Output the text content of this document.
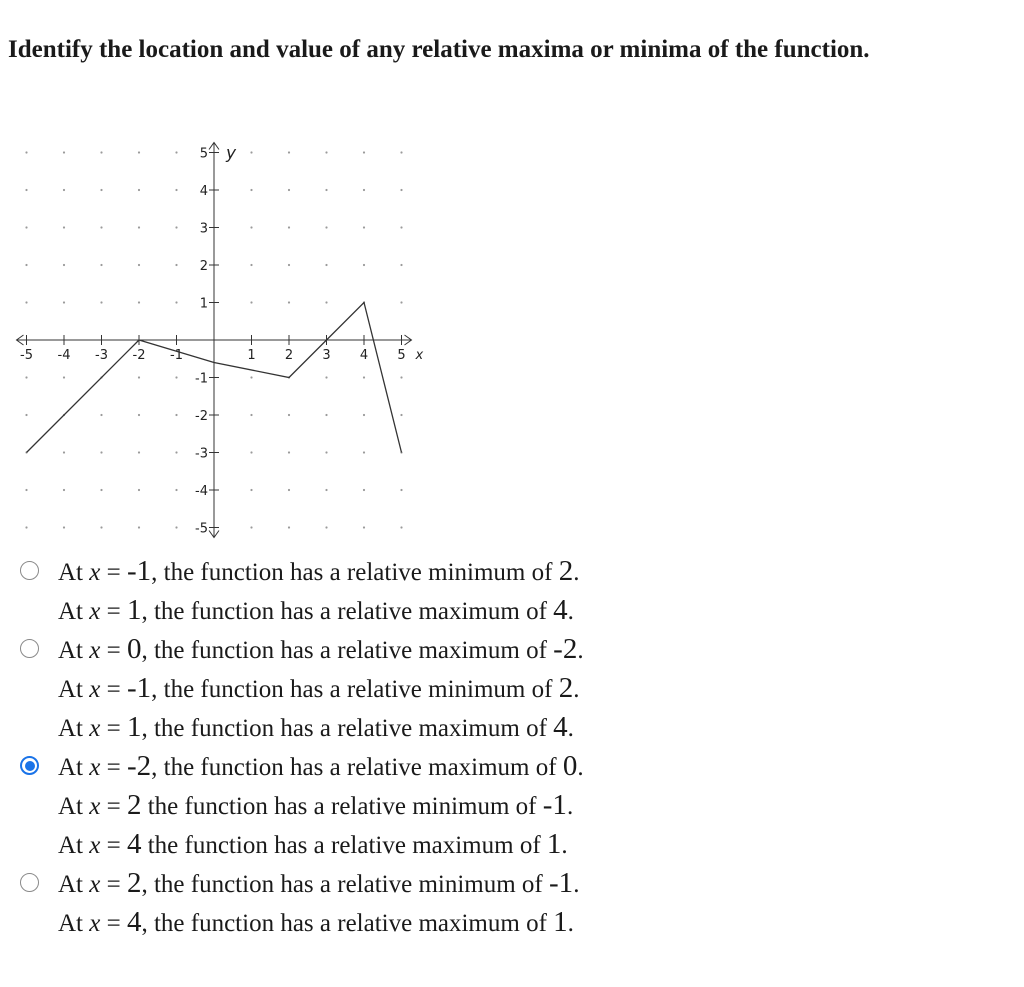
Identify the location and value of any relative maxima or minima of the function.
-5 -4 -3 -2 -1	1 2 3 4 5
5
4
3
2
1
-1
-2
-3
-4
-5
x
y
At x = -1, the function has a relative minimum of 2.
At x = 1, the function has a relative maximum of 4.
At x = 0, the function has a relative maximum of -2.
At x = -1, the function has a relative minimum of 2.
At x = 1, the function has a relative maximum of 4.
At x = -2, the function has a relative maximum of 0.
At x = 2 the function has a relative minimum of -1.
At x = 4 the function has a relative maximum of 1.
At x = 2, the function has a relative minimum of -1.
At x = 4, the function has a relative maximum of 1.
